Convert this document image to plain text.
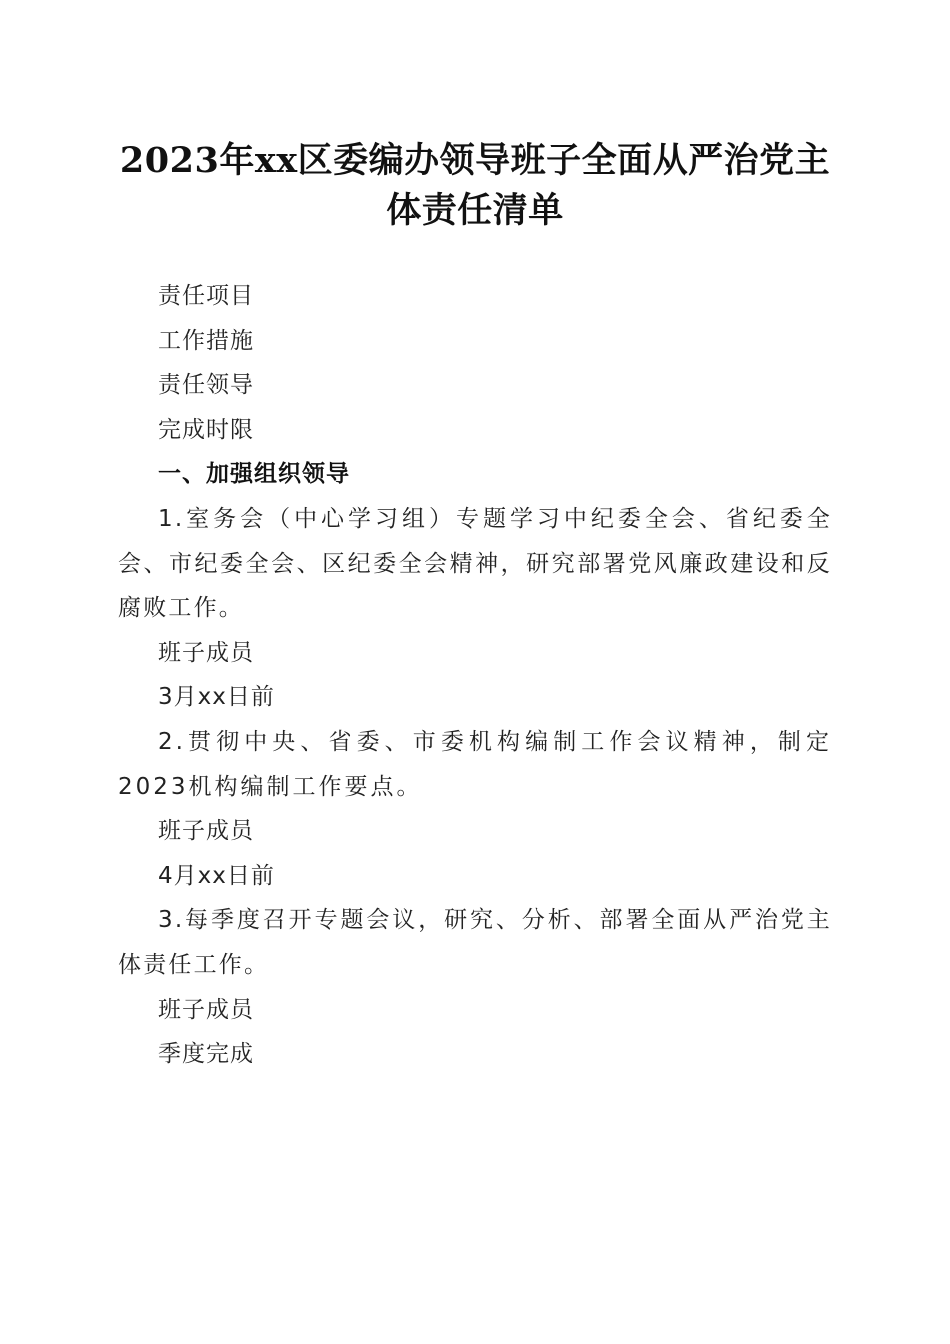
2023年xx区委编办领导班子全面从严治党主
体责任清单

责任项目

工作措施

责任领导

完成时限

一、加强组织领导

1.室务会（中心学习组）专题学习中纪委全会、省纪委全会、市纪委全会、区纪委全会精神，研究部署党风廉政建设和反腐败工作。

班子成员

3月xx日前

2.贯彻中央、省委、市委机构编制工作会议精神，制定2023机构编制工作要点。

班子成员

4月xx日前

3.每季度召开专题会议，研究、分析、部署全面从严治党主体责任工作。

班子成员

季度完成
